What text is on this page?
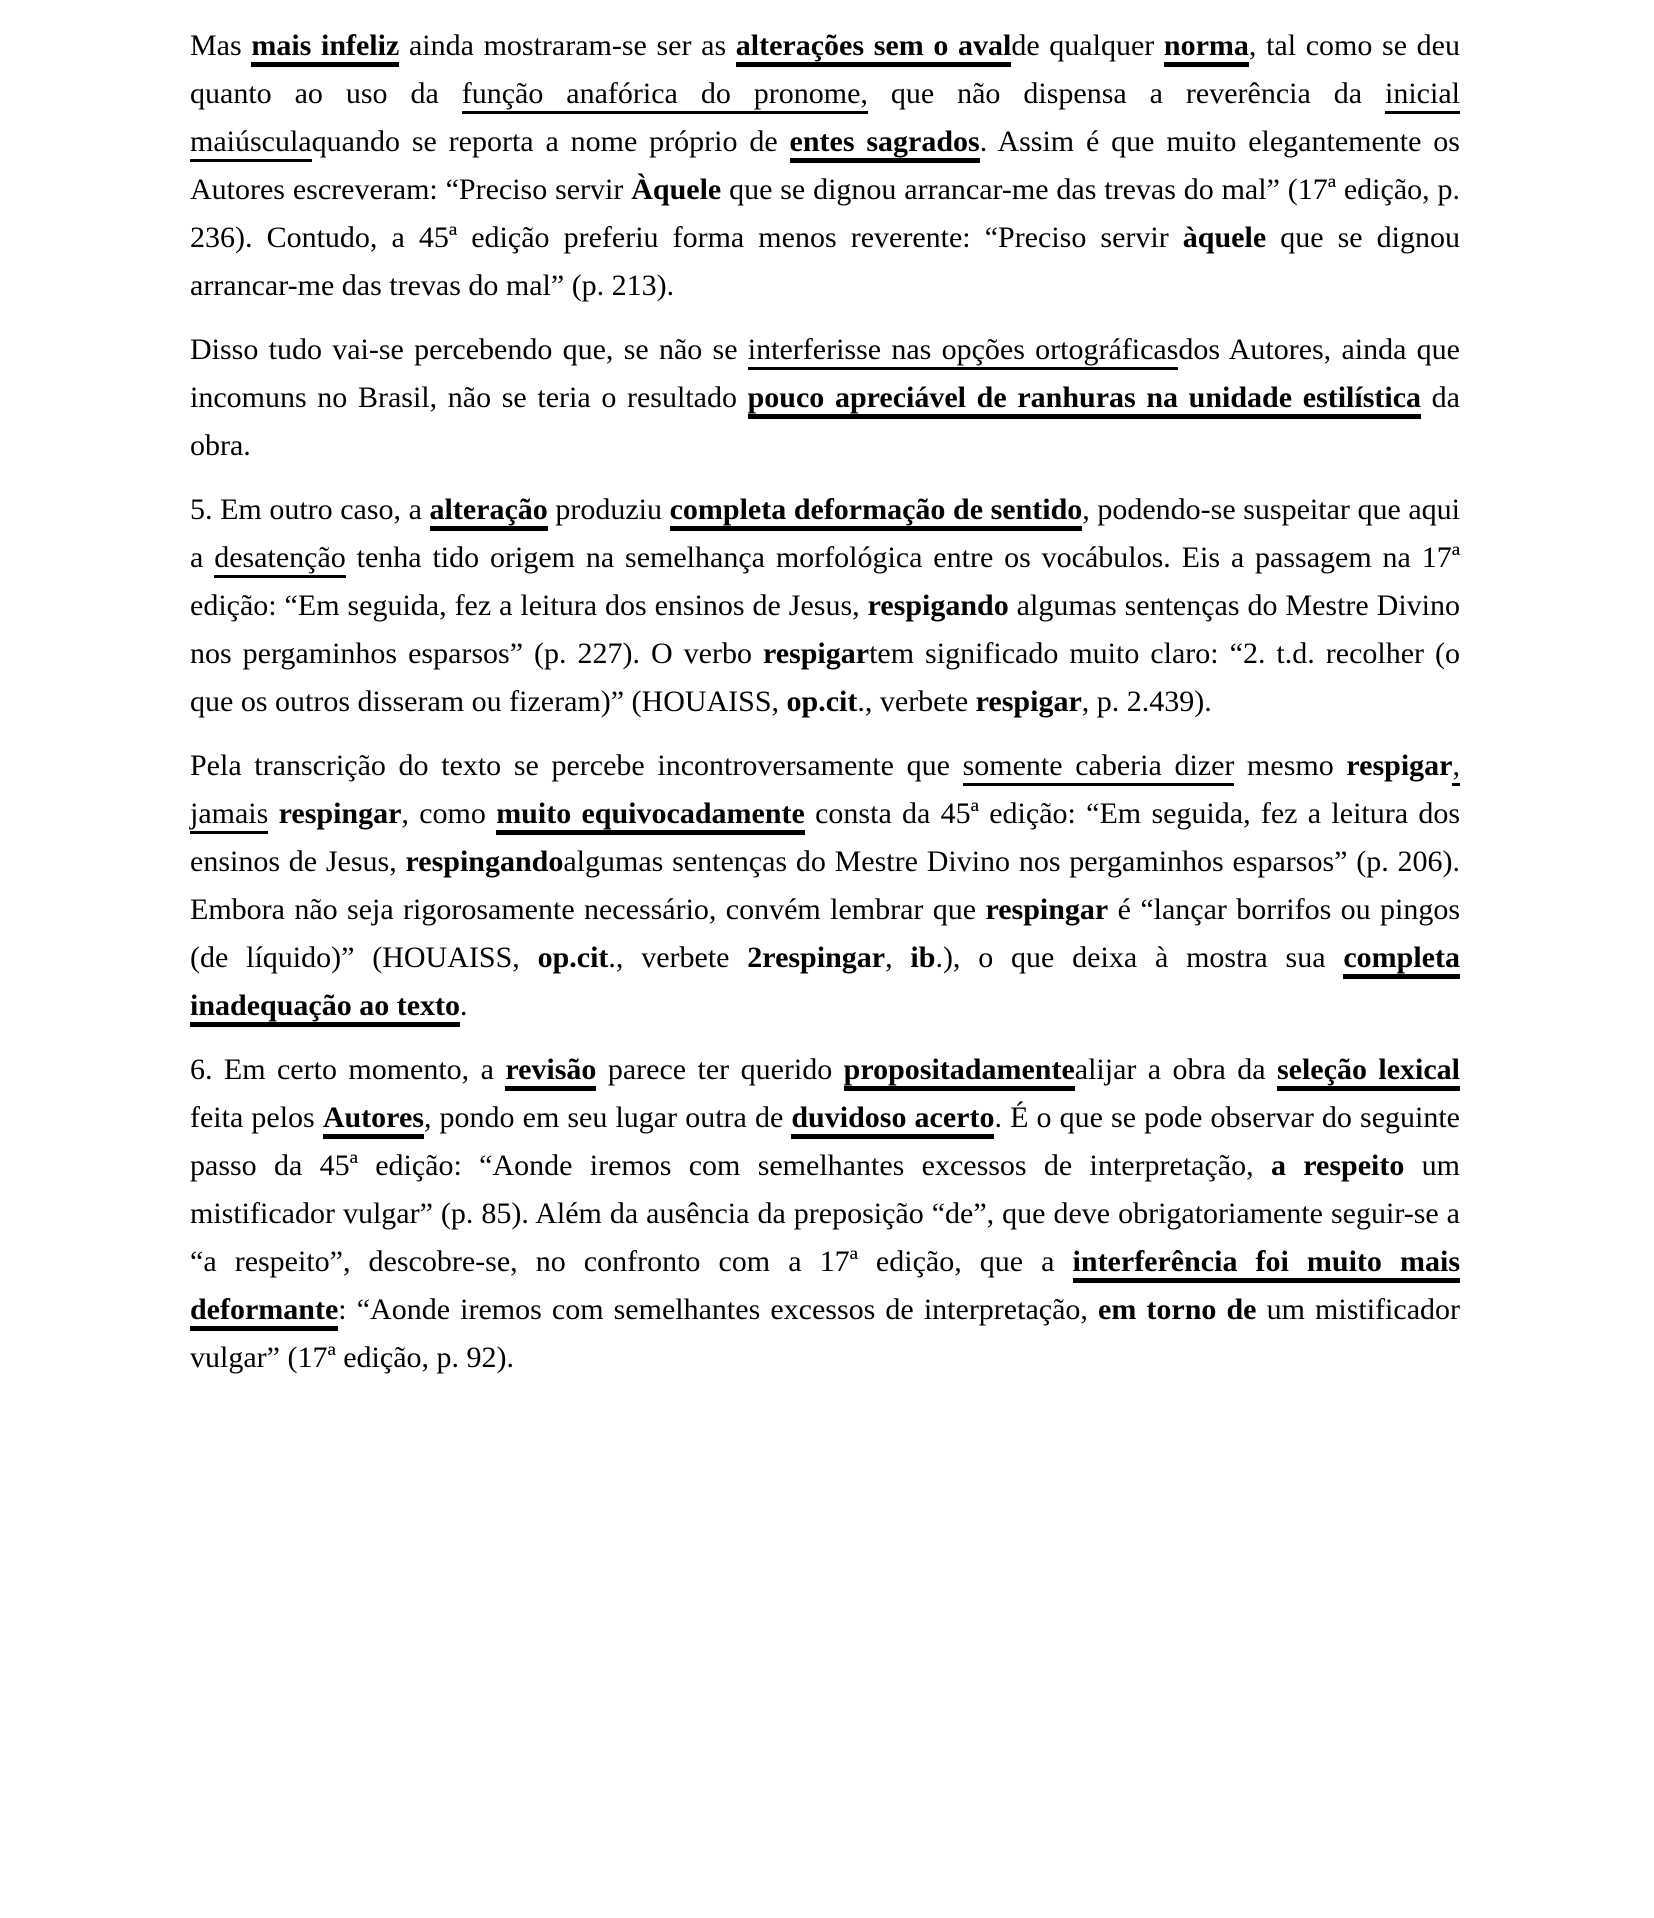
Mas mais infeliz ainda mostraram-se ser as alterações sem o avalde qualquer norma, tal como se deu quanto ao uso da função anafórica do pronome, que não dispensa a reverência da inicial maiúsculaquando se reporta a nome próprio de entes sagrados. Assim é que muito elegantemente os Autores escreveram: “Preciso servir Àquele que se dignou arrancar-me das trevas do mal” (17ª edição, p. 236). Contudo, a 45ª edição preferiu forma menos reverente: “Preciso servir àquele que se dignou arrancar-me das trevas do mal” (p. 213).

Disso tudo vai-se percebendo que, se não se interferisse nas opções ortográficasdos Autores, ainda que incomuns no Brasil, não se teria o resultado pouco apreciável de ranhuras na unidade estilística da obra.

5. Em outro caso, a alteração produziu completa deformação de sentido, podendo-se suspeitar que aqui a desatenção tenha tido origem na semelhança morfológica entre os vocábulos. Eis a passagem na 17ª edição: “Em seguida, fez a leitura dos ensinos de Jesus, respigando algumas sentenças do Mestre Divino nos pergaminhos esparsos” (p. 227). O verbo respigartem significado muito claro: “2. t.d. recolher (o que os outros disseram ou fizeram)” (HOUAISS, op.cit., verbete respigar, p. 2.439).

Pela transcrição do texto se percebe incontroversamente que somente caberia dizer mesmo respigar, jamais respingar, como muito equivocadamente consta da 45ª edição: “Em seguida, fez a leitura dos ensinos de Jesus, respingandoalgumas sentenças do Mestre Divino nos pergaminhos esparsos” (p. 206). Embora não seja rigorosamente necessário, convém lembrar que respingar é “lançar borrifos ou pingos (de líquido)” (HOUAISS, op.cit., verbete 2respingar, ib.), o que deixa à mostra sua completa inadequação ao texto.

6. Em certo momento, a revisão parece ter querido propositadamentealijar a obra da seleção lexical feita pelos Autores, pondo em seu lugar outra de duvidoso acerto. É o que se pode observar do seguinte passo da 45ª edição: “Aonde iremos com semelhantes excessos de interpretação, a respeito um mistificador vulgar” (p. 85). Além da ausência da preposição “de”, que deve obrigatoriamente seguir-se a “a respeito”, descobre-se, no confronto com a 17ª edição, que a interferência foi muito mais deformante: “Aonde iremos com semelhantes excessos de interpretação, em torno de um mistificador vulgar” (17ª edição, p. 92).
